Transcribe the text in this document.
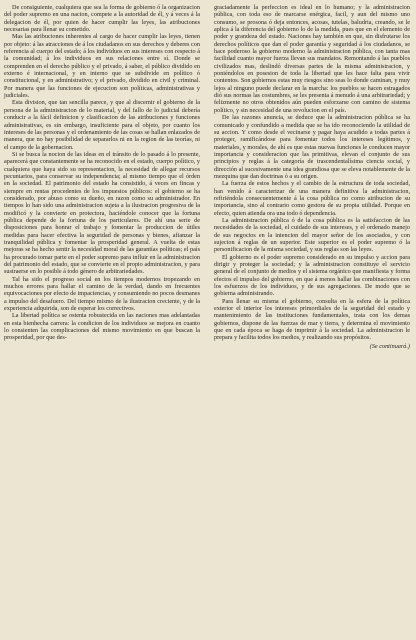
De consiguiente, cualquiera que sea la forma de gobierno ó la organizacion del poder supremo en una nacion, compete a la autoridad de él, y á veces á la delegacion de él, por quien de hacer cumplir las leyes, las atribuciones necesarias para llenar su cometido.

Mas las atribuciones inherentes al cargo de hacer cumplir las leyes, tienen por objeto: á las atracciones de á los ciudadanos en sus derechos y deberes con referencia al cuerpo del estado; á los individuos en sus intereses con respecto á la comunidad; á los individuos en sus relaciones entre sí. Donde se comprenden en el derecho público y el privado, á saber, el público dividido en externo é internacional, y en interno que se subdivide en político ó constitucional, y en administrativo; y el privado, dividido en civil y criminal. Por manera que las funciones de ejecucion son políticas, administrativas y judiciales.

Esta division, que tan sencilla parece, y que al discernir el gobierno de la persona de la administracion de lo material, y del fallo de lo judicial debería conducir a la fácil definicion y clasificacion de las atribuciones y funciones administrativas, es sin embargo, insuficiente para el objeto, por cuanto los intereses de las personas y el ordenamiento de las cosas se hallan enlazados de manera, que no hay posibilidad de separarlos ni en la region de las teorías, ni el campo de la gobernacion.

Si se busca la nocion de las ideas en el tránsito de lo pasado á lo presente, aparecerá que constantemente se ha reconocido en el estado, cuerpo político, y cualquiera que haya sido su representacion, la necesidad de allegar recursos pecuniarios, para conservar su independencia; al mismo tiempo que el órden en la sociedad. El patrimonio del estado ha consistido, á veces en fincas y siempre en rentas procedentes de los impuestos públicos: el gobierno se ha considerado, por abuso como su dueño, en razon como su administrador. En tiempos lo han sido una administracion sujeta a la ilustracion progresiva de la modificó y la convierte en protectora, haciéndole conocer que la fortuna pública depende de la fortuna de los particulares. De ahí una serie de disposiciones para honrar el trabajo y fomentar la produccion de útiles medidas para hacer efectiva la seguridad de personas y bienes, afianzar la tranquilidad pública y fomentar la prosperidad general. A vuelta de estas mejoras se ha hecho sentir la necesidad moral de las garantías políticas; el país ha procurado tomar parte en el poder supremo para influir en la administracion del patrimonio del estado, que se convierte en el propio administracion, y para sustraerse en lo posible á todo género de arbitrariedades.

Tal ha sido el progreso social en los tiempos modernos tropezando en muchos errores para hallar el camino de la verdad, dando en frecuentes equivocaciones por efecto de impaciencias, y consumiendo no pocos desmanes a impulso del desafuero. Del tiempo mismo de la ilustracion creciente, y de la experiencia adquirida, son de esperar los correctivos.

La libertad política se ostenta robustecida en las naciones mas adelantadas en esta bienhecha carrera: la condicion de los individuos se mejora en cuanto lo consienten las complicaciones del mismo movimiento en que buscan la prosperidad, por que des-

graciadamente la perfeccion es ideal en lo humano; y la administracion pública, con toda eso de marcarse enérgica, facil, y aun del mismo uno consumo, se prosona ó deja entonces, acosas, tutelas, baludria, creando, se le aplica á la diferencia del gobierno lo de la medida, pues que en el elemento de poder y grandeza del estado. Naciones hay también en que, sin disfrutarse los derechos políticos que dan el poder garantía y seguridad á los ciudadanos, se hace poderoso la gobierno moderno la administracion pública, con tanta mas facilidad cuanto mayor fuerza llevan sus mandatos. Remontando á las pueblos civilizados mas, deslindó diversas partes de la misma administracion, y poniéndolos en posesion de toda la libertad que les hace falta para vivir contentos. Son gobiernos estas muy riesgos sino seas lo donde caminan, y muy lejos al ninguno puede declarar en la marcha: los pueblos se hacen estragados dió sus normas las costumbres, se les presenta á menudo á una arbitrariedad; y felizmente no otros obtenidos aún pueden esforzarse con camino de sistema político, y sin necesidad de una revolucion en el país.

De las razones anuncia, se deduce que la administracion pública se ha comunicado y confundido a medida que se ha ido reconociendo la utilidad de su accion. Y como desde el vecinarse y pagar haya acudido a todas partes á proteger, ramificándose para fomentar todos los intereses legítimos, y materiales, y morales, de ahí es que estas nuevas funciones le conducen mayor importancia y consideracion que las primitivas, elevan el conjunto de sus principios y reglas á la categoría de trascendentalísima ciencia social, y dirección al sucesivamente una idea grandiosa que se eleva notablemente de la mezquina que dan doctrinas ó a su origen.

La fuerza de estos hechos y el cambio de la estructura de toda sociedad, han venido á caracterizar de una manera definitiva la administracion, refiriéndola consecuentemente á la cosa pública no como atribucion de su importancia, sino al contrario como gestora de su propia utilidad. Porque en efecto, quien atienda ora una todo ó dependencia.

La administracion pública ó de la cosa pública es la satisfaccion de las necesidades de la sociedad, el cuidado de sus intereses, y el ordenado manejo de sus negocios en la intencion del mayor señor de los asociados, y con sujecion á reglas de un superior. Este superior es el poder supremo ó la personificacion de la misma sociedad, y sus reglas son las leyes.

El gobierno es el poder supremo considerado en su impulso y accion para dirigir y proteger la sociedad; y la administracion constituye el servicio general de el conjunto de medios y el sistema orgánico que manifiesta y forma efectos el impulso del gobierno, en que á menos hallar las combinaciones con los esfuerzos de los individuos, y de sus agregaciones. De modo que se gobierna administrando.

Para llenar su misma el gobierno, consulta en la esfera de la política exterior el interior los intereses primordiales de la seguridad del estado y mantenimiento de las instituciones fundamentales, trata con los demas gobiernos, dispone de las fuerzas de mar y tierra, y determina el movimiento que en cada época se haga de imprimir á la sociedad. La administracion le prepara y facilita todos los medios, y realizando sus propósitos.

(Se continuará.)
